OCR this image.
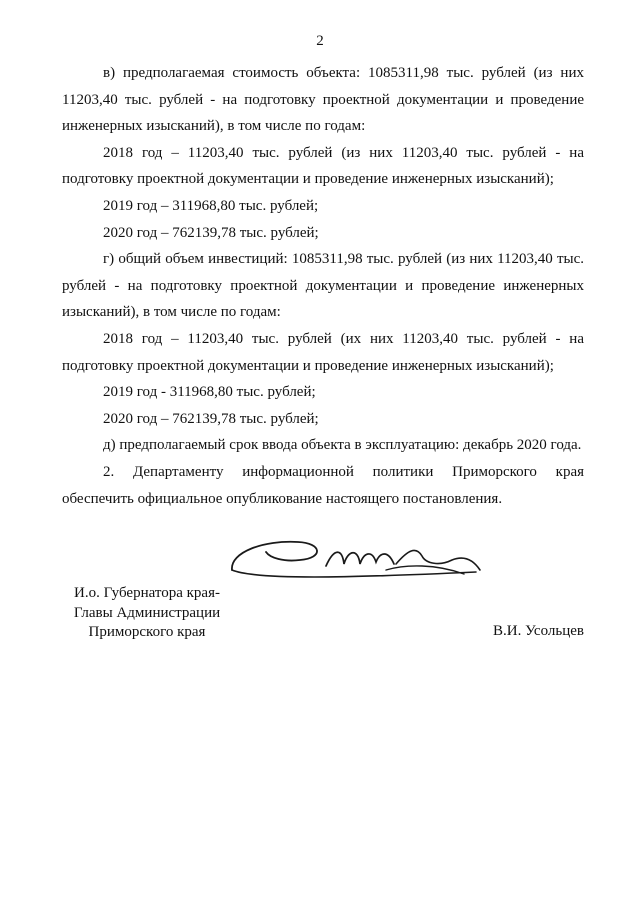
2

в) предполагаемая стоимость объекта: 1085311,98 тыс. рублей (из них 11203,40 тыс. рублей - на подготовку проектной документации и проведение инженерных изысканий), в том числе по годам:

2018 год – 11203,40 тыс. рублей (из них 11203,40 тыс. рублей - на подготовку проектной документации и проведение инженерных изысканий);

2019 год – 311968,80 тыс. рублей;

2020 год – 762139,78 тыс. рублей;

г) общий объем инвестиций: 1085311,98 тыс. рублей (из них 11203,40 тыс. рублей - на подготовку проектной документации и проведение инженерных изысканий), в том числе по годам:

2018 год – 11203,40 тыс. рублей (их них 11203,40 тыс. рублей - на подготовку проектной документации и проведение инженерных изысканий);

2019 год - 311968,80 тыс. рублей;

2020 год – 762139,78 тыс. рублей;

д) предполагаемый срок ввода объекта в эксплуатацию: декабрь 2020 года.

2. Департаменту информационной политики Приморского края обеспечить официальное опубликование настоящего постановления.

И.о. Губернатора края-
Главы Администрации
Приморского края	В.И. Усольцев
